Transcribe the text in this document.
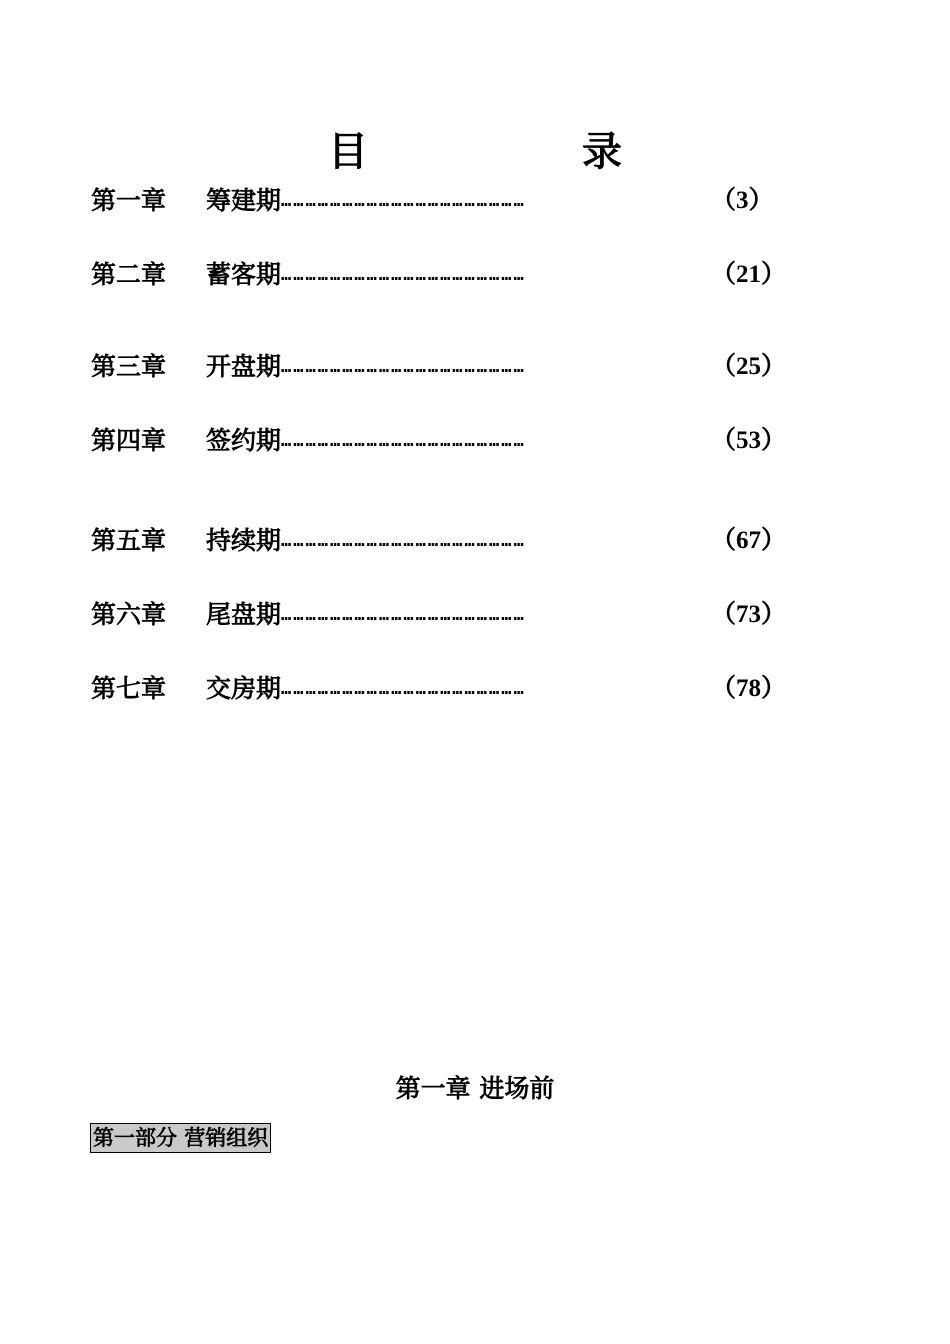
目 录
第一章	筹建期 ……………………………………………………	（3）
第二章	蓄客期 ……………………………………………………	（21）
第三章	开盘期 ……………………………………………………	（25）
第四章	签约期 ……………………………………………………	（53）
第五章	持续期 ……………………………………………………	（67）
第六章	尾盘期 ……………………………………………………	（73）
第七章	交房期 ……………………………………………………	（78）
第一章 进场前
第一部分 营销组织
